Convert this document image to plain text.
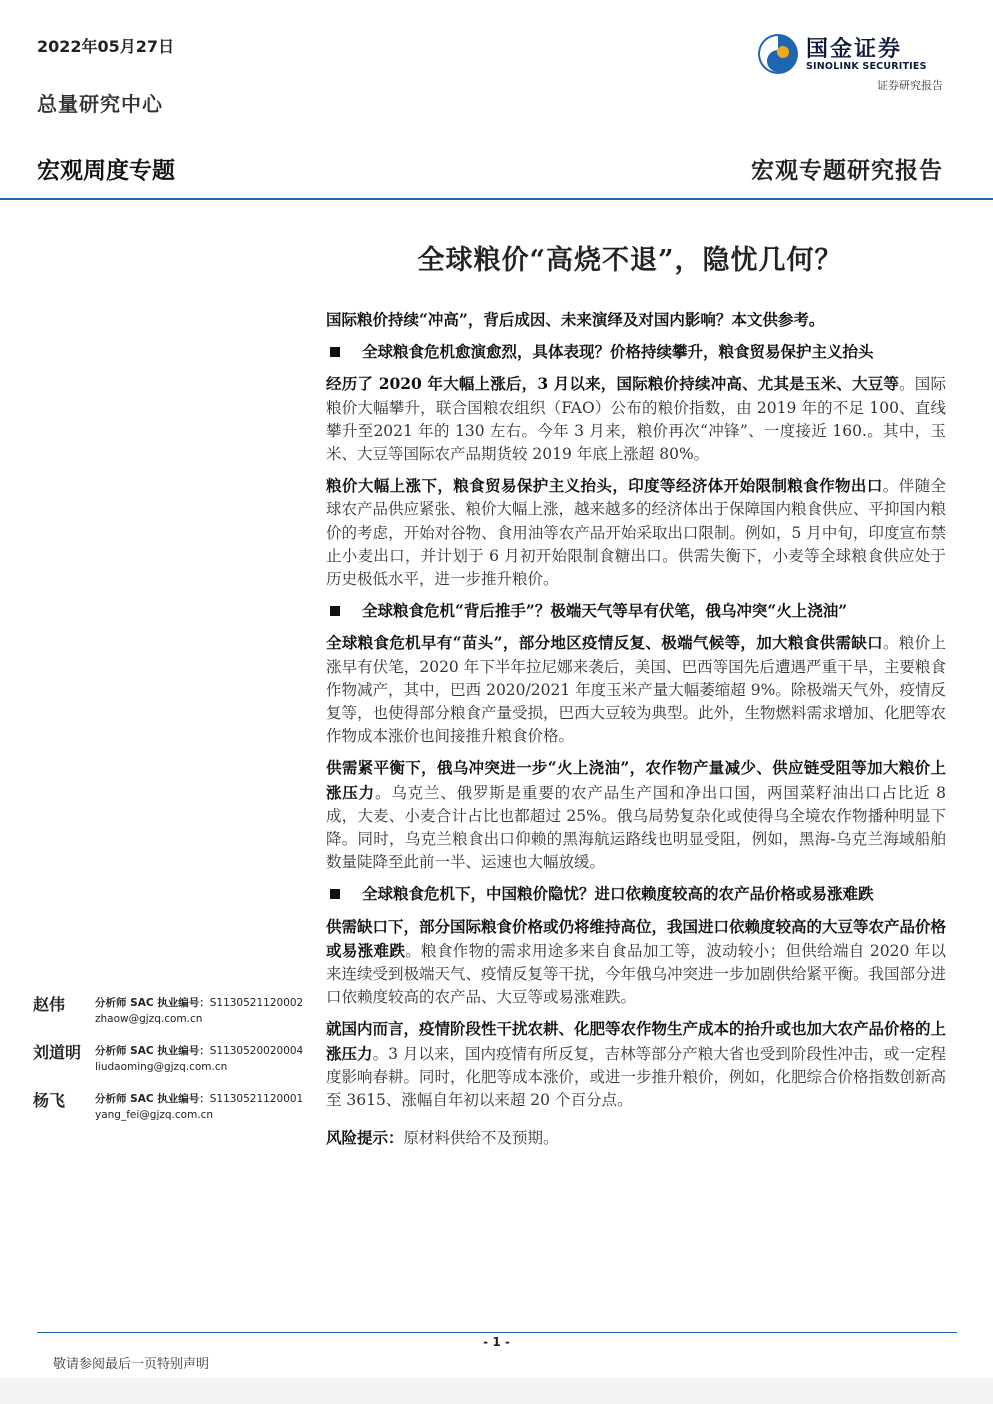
2022年05月27日
总量研究中心
宏观周度专题	宏观专题研究报告
国金证券
SINOLINK SECURITIES
证券研究报告
全球粮价“高烧不退”，隐忧几何？

国际粮价持续“冲高”，背后成因、未来演绎及对国内影响？本文供参考。

全球粮食危机愈演愈烈，具体表现？价格持续攀升，粮食贸易保护主义抬头

经历了 2020 年大幅上涨后，3 月以来，国际粮价持续冲高、尤其是玉米、大豆等。国际粮价大幅攀升，联合国粮农组织（FAO）公布的粮价指数，由 2019 年的不足 100、直线攀升至2021 年的 130 左右。今年 3 月来，粮价再次“冲锋”、一度接近 160.。其中，玉米、大豆等国际农产品期货较 2019 年底上涨超 80%。

粮价大幅上涨下，粮食贸易保护主义抬头，印度等经济体开始限制粮食作物出口。伴随全球农产品供应紧张、粮价大幅上涨，越来越多的经济体出于保障国内粮食供应、平抑国内粮价的考虑，开始对谷物、食用油等农产品开始采取出口限制。例如，5 月中旬，印度宣布禁止小麦出口，并计划于 6 月初开始限制食糖出口。供需失衡下，小麦等全球粮食供应处于历史极低水平，进一步推升粮价。

全球粮食危机“背后推手”？极端天气等早有伏笔，俄乌冲突“火上浇油”

全球粮食危机早有“苗头”，部分地区疫情反复、极端气候等，加大粮食供需缺口。粮价上涨早有伏笔，2020 年下半年拉尼娜来袭后，美国、巴西等国先后遭遇严重干旱，主要粮食作物减产，其中，巴西 2020/2021 年度玉米产量大幅萎缩超 9%。除极端天气外，疫情反复等，也使得部分粮食产量受损，巴西大豆较为典型。此外，生物燃料需求增加、化肥等农作物成本涨价也间接推升粮食价格。

供需紧平衡下，俄乌冲突进一步“火上浇油”，农作物产量减少、供应链受阻等加大粮价上涨压力。乌克兰、俄罗斯是重要的农产品生产国和净出口国，两国菜籽油出口占比近 8 成，大麦、小麦合计占比也都超过 25%。俄乌局势复杂化或使得乌全境农作物播种明显下降。同时，乌克兰粮食出口仰赖的黑海航运路线也明显受阻，例如，黑海-乌克兰海域船舶数量陡降至此前一半、运速也大幅放缓。

全球粮食危机下，中国粮价隐忧？进口依赖度较高的农产品价格或易涨难跌

供需缺口下，部分国际粮食价格或仍将维持高位，我国进口依赖度较高的大豆等农产品价格或易涨难跌。粮食作物的需求用途多来自食品加工等，波动较小；但供给端自 2020 年以来连续受到极端天气、疫情反复等干扰，今年俄乌冲突进一步加剧供给紧平衡。我国部分进口依赖度较高的农产品、大豆等或易涨难跌。

就国内而言，疫情阶段性干扰农耕、化肥等农作物生产成本的抬升或也加大农产品价格的上涨压力。3 月以来，国内疫情有所反复，吉林等部分产粮大省也受到阶段性冲击，或一定程度影响春耕。同时，化肥等成本涨价，或进一步推升粮价，例如，化肥综合价格指数创新高至 3615、涨幅自年初以来超 20 个百分点。

风险提示：原材料供给不及预期。

赵伟	分析师 SAC 执业编号：S1130521120002
zhaow@gjzq.com.cn
刘道明	分析师 SAC 执业编号：S1130520020004
liudaoming@gjzq.com.cn
杨飞	分析师 SAC 执业编号：S1130521120001
yang_fei@gjzq.com.cn
- 1 -
敬请参阅最后一页特别声明
